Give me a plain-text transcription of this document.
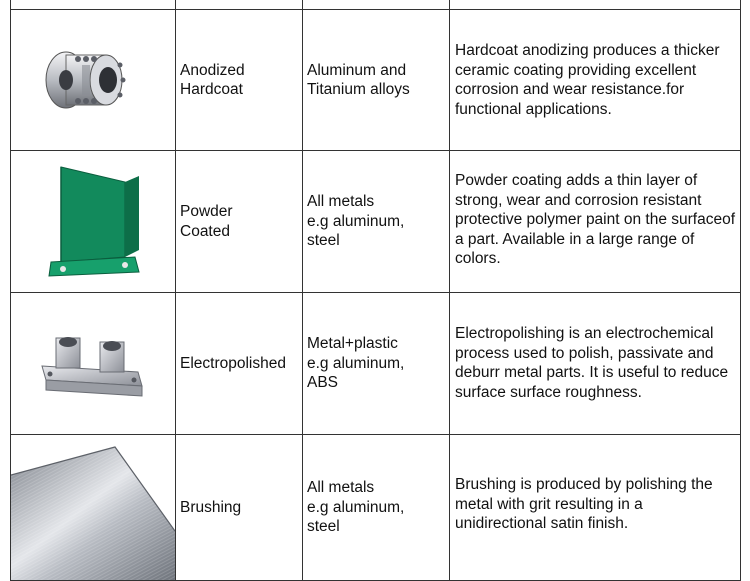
Anodized
Hardcoat	Aluminum and
Titanium alloys	Hardcoat anodizing produces a thicker
ceramic coating providing excellent
corrosion and wear resistance.for
functional applications.

Powder
Coated	All metals
e.g aluminum,
steel	Powder coating adds a thin layer of
strong, wear and corrosion resistant
protective polymer paint on the surfaceof
a part. Available in a large range of
colors.

Electropolished	Metal+plastic
e.g aluminum,
ABS	Electropolishing is an electrochemical
process used to polish, passivate and
deburr metal parts. It is useful to reduce
surface surface roughness.

Brushing	All metals
e.g aluminum,
steel	Brushing is produced by polishing the
metal with grit resulting in a
unidirectional satin finish.
